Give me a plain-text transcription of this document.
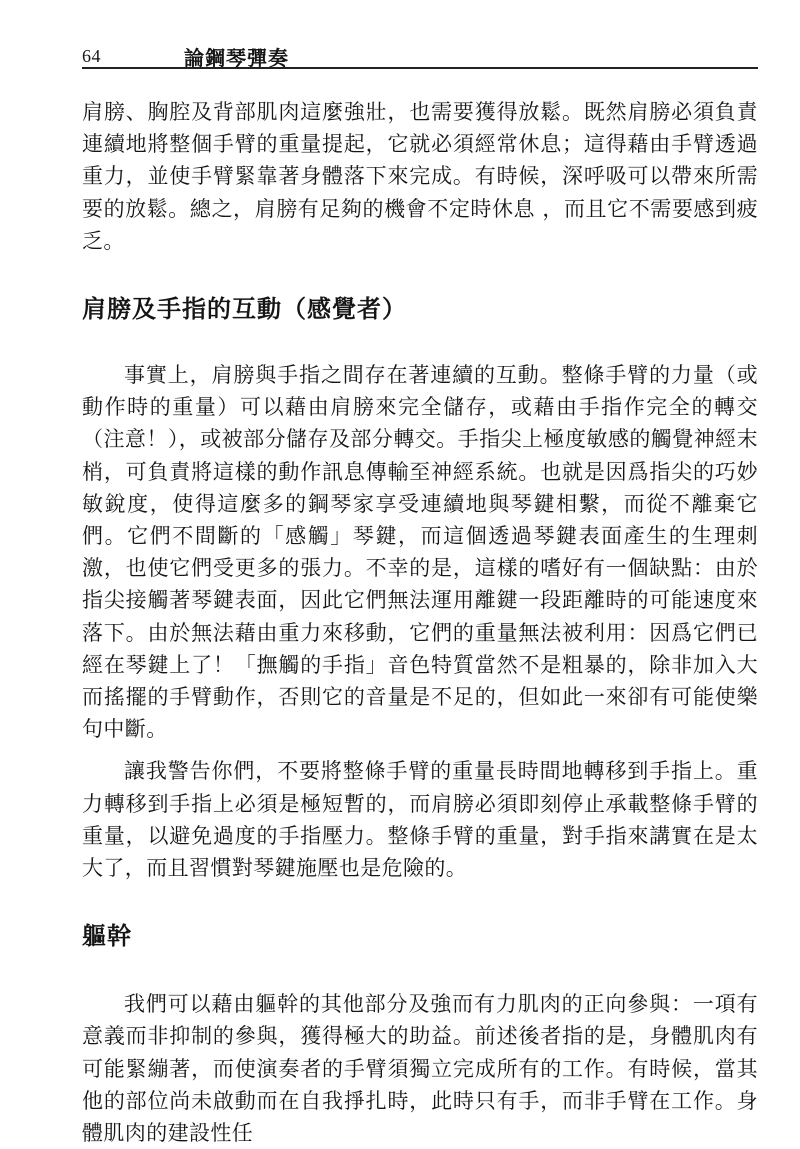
64	論鋼琴彈奏

肩膀、胸腔及背部肌肉這麼強壯，也需要獲得放鬆。既然肩膀必須負責連續地將整個手臂的重量提起，它就必須經常休息；這得藉由手臂透過重力，並使手臂緊靠著身體落下來完成。有時候，深呼吸可以帶來所需要的放鬆。總之，肩膀有足夠的機會不定時休息 ，而且它不需要感到疲乏。

肩膀及手指的互動（感覺者）

事實上，肩膀與手指之間存在著連續的互動。整條手臂的力量（或動作時的重量）可以藉由肩膀來完全儲存，或藉由手指作完全的轉交（注意！），或被部分儲存及部分轉交。手指尖上極度敏感的觸覺神經末梢，可負責將這樣的動作訊息傳輸至神經系統。也就是因爲指尖的巧妙敏銳度，使得這麼多的鋼琴家享受連續地與琴鍵相繫，而從不離棄它們。它們不間斷的「感觸」琴鍵，而這個透過琴鍵表面產生的生理刺激，也使它們受更多的張力。不幸的是，這樣的嗜好有一個缺點：由於指尖接觸著琴鍵表面，因此它們無法運用離鍵一段距離時的可能速度來落下。由於無法藉由重力來移動，它們的重量無法被利用：因爲它們已經在琴鍵上了！「撫觸的手指」音色特質當然不是粗暴的，除非加入大而搖擺的手臂動作，否則它的音量是不足的，但如此一來卻有可能使樂句中斷。

讓我警告你們，不要將整條手臂的重量長時間地轉移到手指上。重力轉移到手指上必須是極短暫的，而肩膀必須即刻停止承載整條手臂的重量，以避免過度的手指壓力。整條手臂的重量，對手指來講實在是太大了，而且習慣對琴鍵施壓也是危險的。

軀幹

我們可以藉由軀幹的其他部分及強而有力肌肉的正向參與：一項有意義而非抑制的參與，獲得極大的助益。前述後者指的是，身體肌肉有可能緊繃著，而使演奏者的手臂須獨立完成所有的工作。有時候，當其他的部位尚未啟動而在自我掙扎時，此時只有手，而非手臂在工作。身體肌肉的建設性任
